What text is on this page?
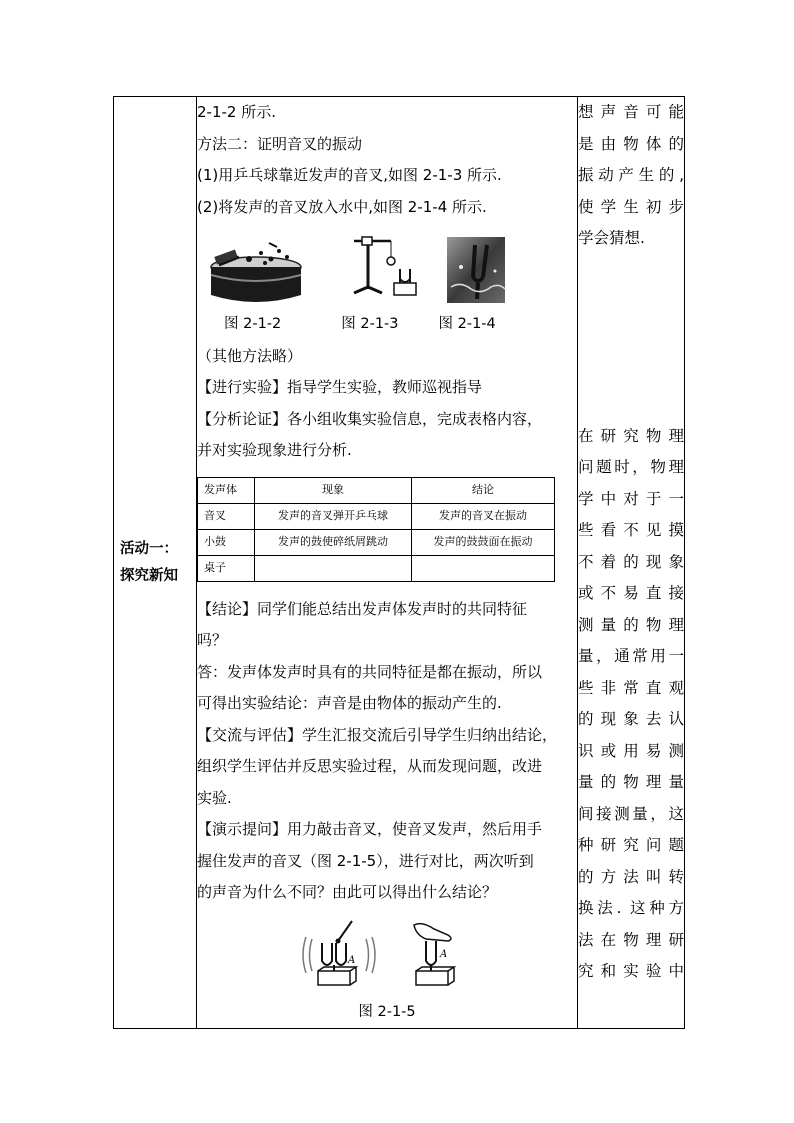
活动一：
探究新知

2-1-2 所示.

方法二：证明音叉的振动

(1)用乒乓球靠近发声的音叉,如图 2-1-3 所示.

(2)将发声的音叉放入水中,如图 2-1-4 所示.

图 2-1-2	图 2-1-3	图 2-1-4

（其他方法略）

【进行实验】指导学生实验，教师巡视指导

【分析论证】各小组收集实验信息，完成表格内容，

并对实验现象进行分析.

发声体	现象	结论
音叉	发声的音叉弹开乒乓球	发声的音叉在振动
小鼓	发声的鼓使碎纸屑跳动	发声的鼓鼓面在振动
桌子		

【结论】同学们能总结出发声体发声时的共同特征

吗？

答：发声体发声时具有的共同特征是都在振动，所以

可得出实验结论：声音是由物体的振动产生的.

【交流与评估】学生汇报交流后引导学生归纳出结论，

组织学生评估并反思实验过程，从而发现问题，改进

实验.

【演示提问】用力敲击音叉，使音叉发声，然后用手

握住发声的音叉（图 2-1-5），进行对比，两次听到

的声音为什么不同？由此可以得出什么结论？

A
A
图 2-1-5

想声音可能

是由物体的

振动产生的,

使学生初步

学会猜想.

在研究物理

问题时，物理

学中对于一

些看不见摸

不着的现象

或不易直接

测量的物理

量，通常用一

些非常直观

的现象去认

识或用易测

量的物理量

间接测量，这

种研究问题

的方法叫转

换法. 这种方

法在物理研

究和实验中
